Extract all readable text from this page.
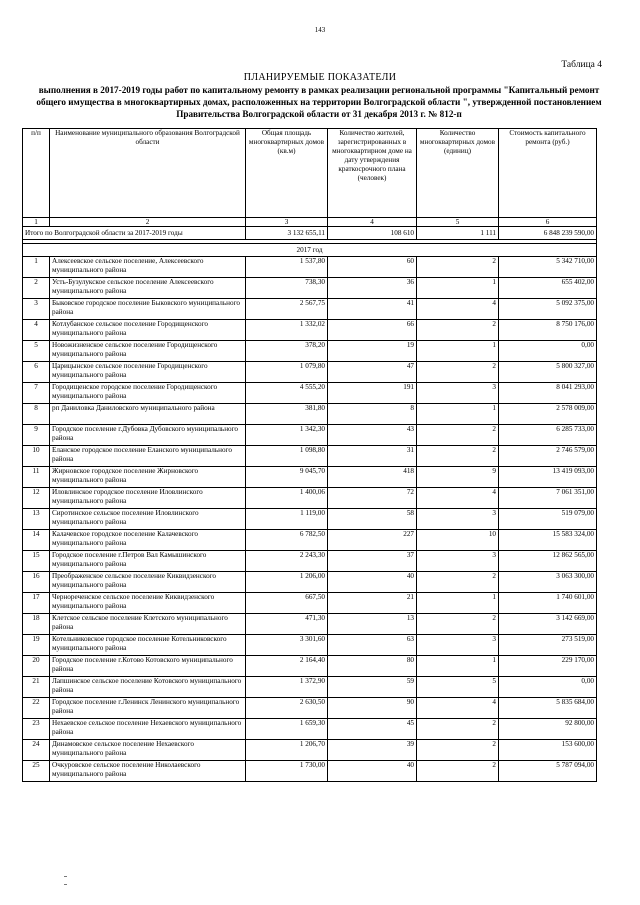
143
Таблица 4
ПЛАНИРУЕМЫЕ ПОКАЗАТЕЛИ
выполнения в 2017-2019 годы работ по капитальному ремонту в рамках реализации региональной программы "Капитальный ремонт общего имущества в многоквартирных домах, расположенных на территории Волгоградской области ", утвержденной постановлением Правительства Волгоградской области от 31 декабря 2013 г. № 812-п
п/п	Наименование муниципального образования Волгоградской области	Общая площадь многоквартирных домов (кв.м)	Количество жителей, зарегистрированных в многоквартирном доме на дату утверждения краткосрочного плана (человек)	Количество многоквартирных домов (единиц)	Стоимость капитального ремонта (руб.)
1	2	3	4	5	6
Итого по Волгоградской области за 2017-2019 годы		3 132 655,11	108 610	1 111	6 848 239 590,00

2017 год					
1	Алексеевское сельское поселение, Алексеевского муниципального района	1 537,80	60	2	5 342 710,00
2	Усть-Бузулукское сельское поселение Алексеевского муниципального района	738,30	36	1	655 402,00
3	Быковское городское поселение Быковского муниципального района	2 567,75	41	4	5 092 375,00
4	Котлубанское сельское поселение Городищенского муниципального района	1 332,02	66	2	8 750 176,00
5	Новожизненское сельское поселение Городищенского муниципального района	378,20	19	1	0,00
6	Царицынское сельское поселение Городищенского муниципального района	1 079,80	47	2	5 800 327,00
7	Городищенское городское поселение Городищенского муниципального района	4 555,20	191	3	8 041 293,00
8	рп Даниловка Даниловского муниципального района	381,80	8	1	2 578 009,00
9	Городское поселение г.Дубовка Дубовского муниципального района	1 342,30	43	2	6 285 733,00
10	Еланское городское поселение Еланского муниципального района	1 098,80	31	2	2 746 579,00
11	Жирновское городское поселение Жирновского муниципального района	9 045,70	418	9	13 419 093,00
12	Иловлинское городское поселение Иловлинского муниципального района	1 400,06	72	4	7 061 351,00
13	Сиротинское сельское поселение Иловлинского муниципального района	1 119,00	58	3	519 079,00
14	Калачевское городское поселение Калачевского муниципального района	6 782,50	227	10	15 583 324,00
15	Городское поселение г.Петров Вал Камышинского муниципального района	2 243,30	37	3	12 862 565,00
16	Преображенское сельское поселение Киквидзенского муниципального района	1 206,00	40	2	3 063 300,00
17	Чернореченское сельское поселение Киквидзенского муниципального района	667,50	21	1	1 740 601,00
18	Клетское сельское поселение Клетского муниципального района	471,30	13	2	3 142 669,00
19	Котельниковское городское поселение Котельниковского муниципального района	3 301,60	63	3	273 519,00
20	Городское поселение г.Котово Котовского муниципального района	2 164,40	80	1	229 170,00
21	Лапшинское сельское поселение Котовского муниципального района	1 372,90	59	5	0,00
22	Городское поселение г.Ленинск Ленинского муниципального района	2 630,50	90	4	5 835 684,00
23	Нехаевское сельское поселение Нехаевского муниципального района	1 659,30	45	2	92 800,00
24	Динамовское сельское поселение Нехаевского муниципального района	1 206,70	39	2	153 600,00
25	Очкуровское сельское поселение Николаевского муниципального района	1 730,00	40	2	5 787 094,00
